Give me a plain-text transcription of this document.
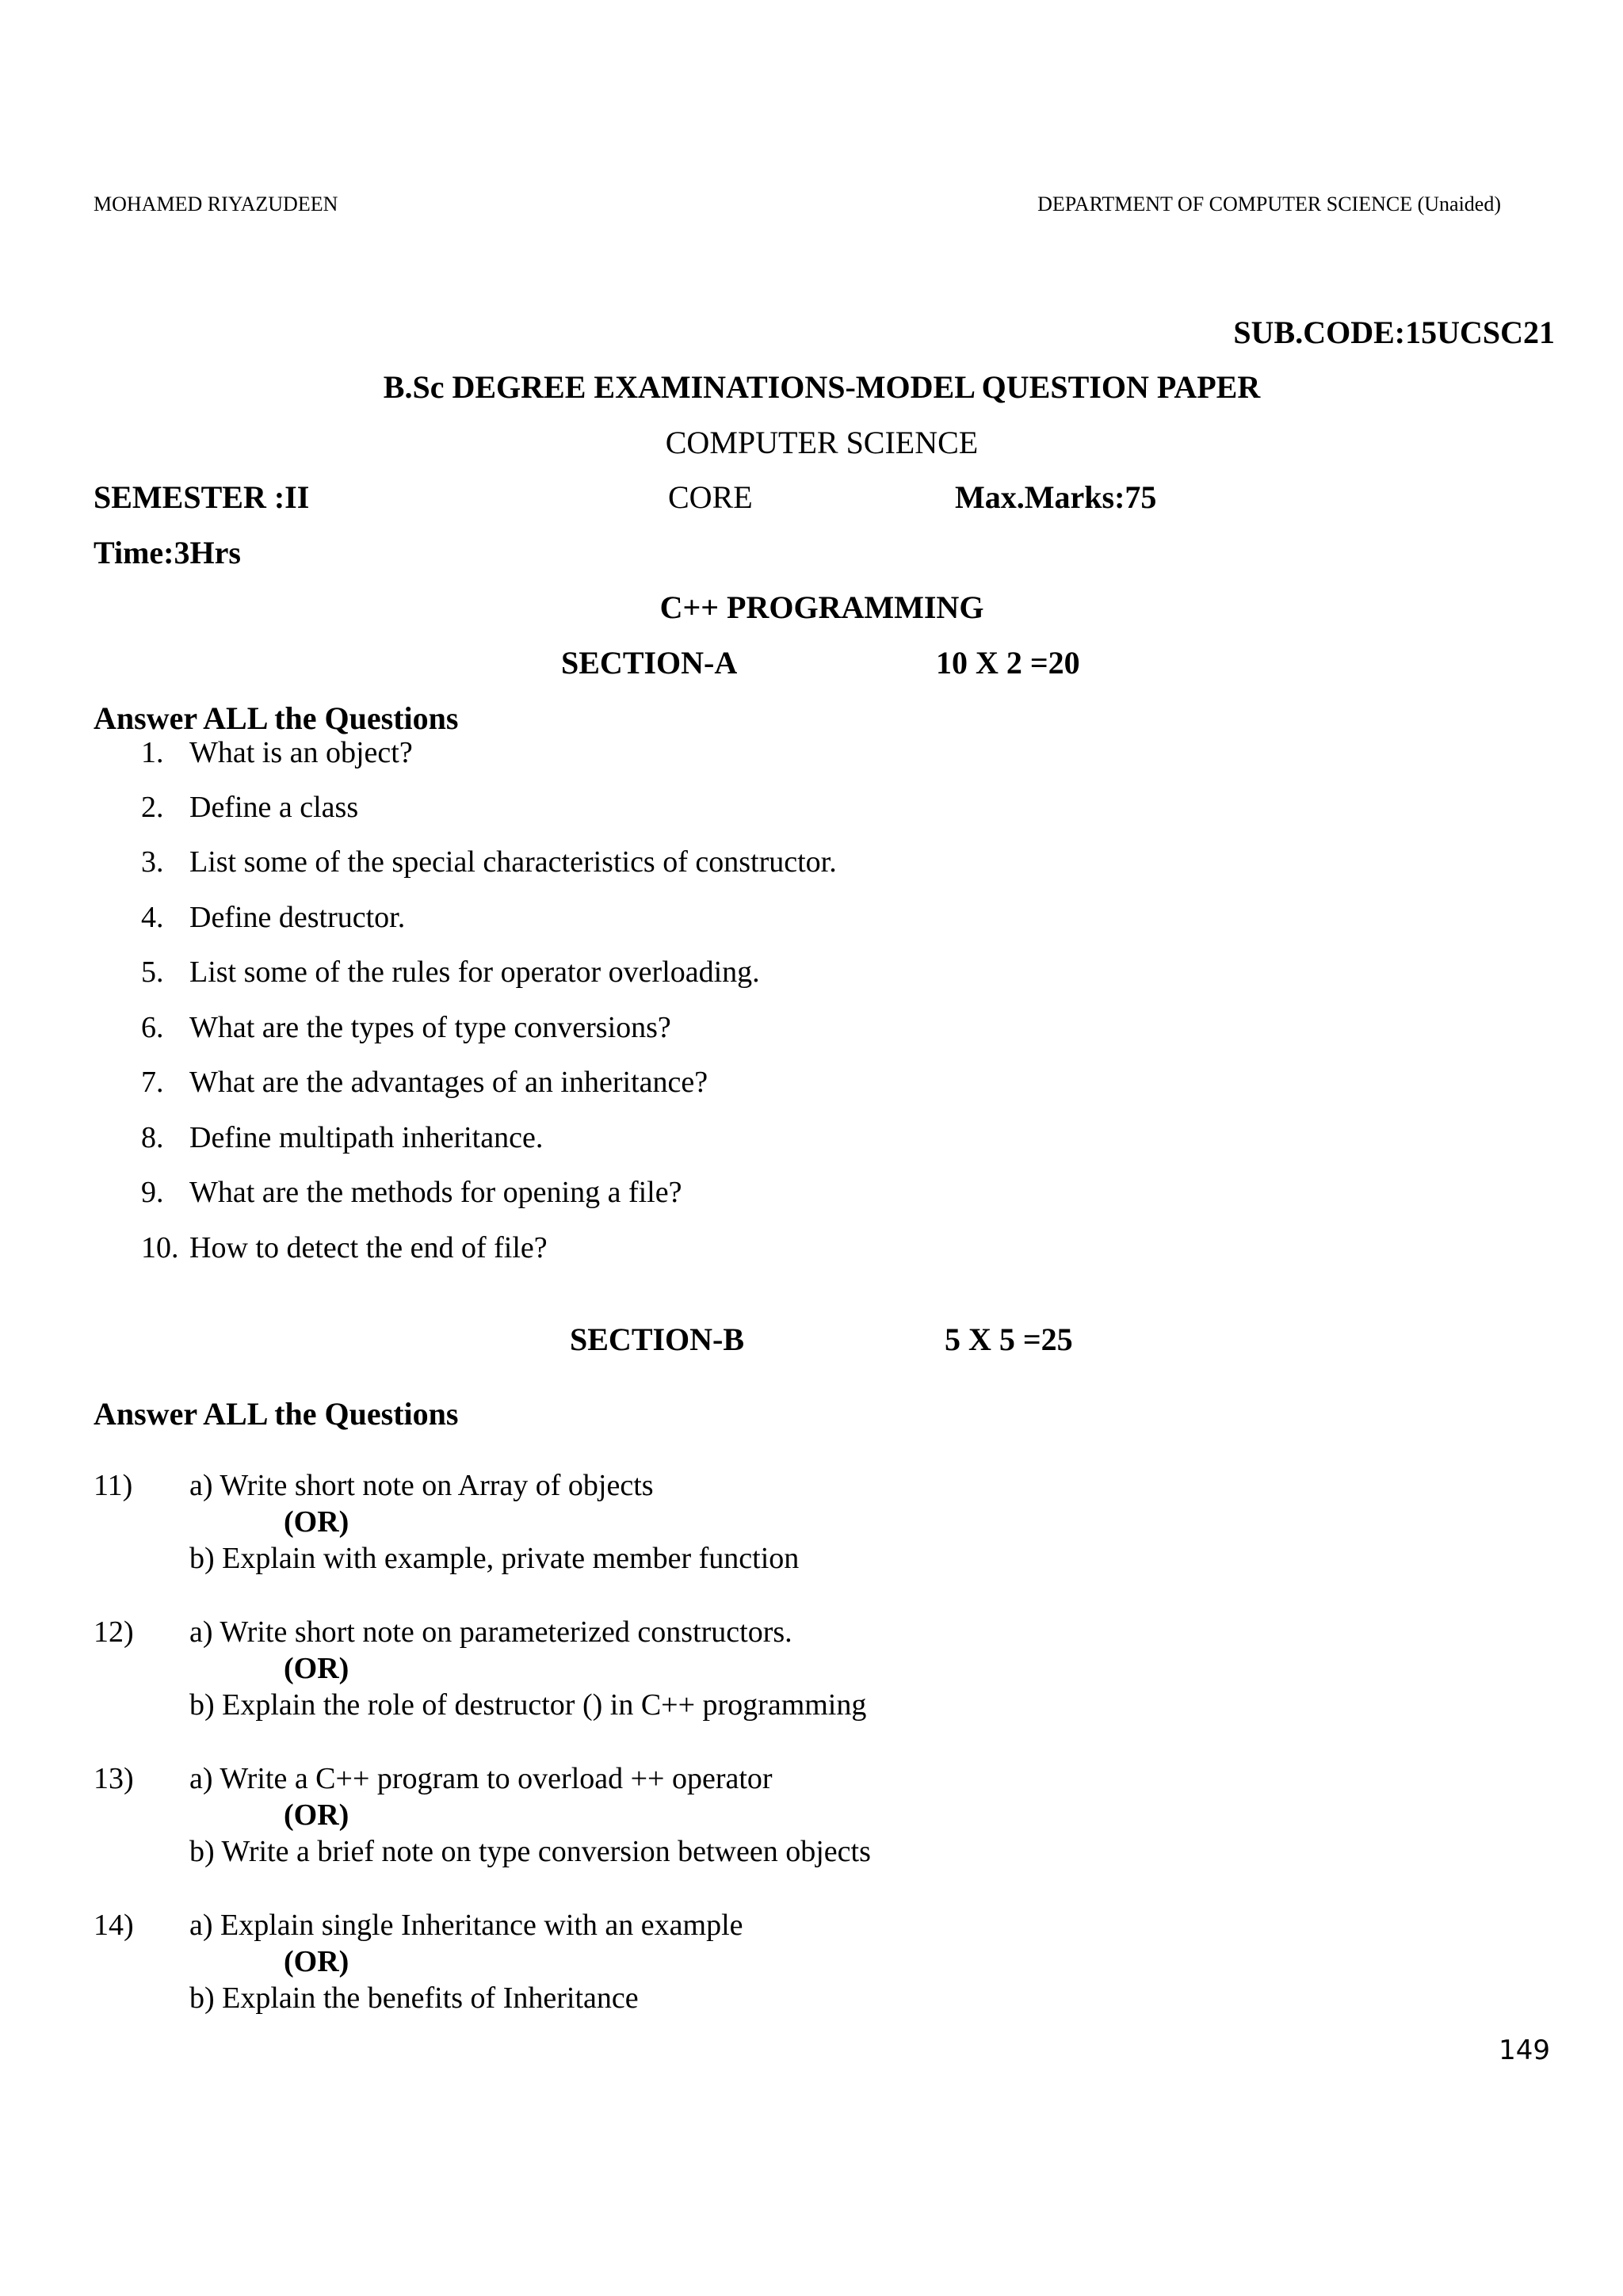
MOHAMED RIYAZUDEEN	DEPARTMENT OF COMPUTER SCIENCE (Unaided)
SUB.CODE:15UCSC21
B.Sc DEGREE EXAMINATIONS-MODEL QUESTION PAPER
COMPUTER SCIENCE
SEMESTER :II	CORE	Max.Marks:75
Time:3Hrs
C++ PROGRAMMING
SECTION-A	10 X 2 =20
Answer ALL the Questions
1. What is an object?
2. Define a class
3. List some of the special characteristics of constructor.
4. Define destructor.
5. List some of the rules for operator overloading.
6. What are the types of type conversions?
7. What are the advantages of an inheritance?
8. Define multipath inheritance.
9. What are the methods for opening a file?
10. How to detect the end of file?
SECTION-B	5 X 5 =25
Answer ALL the Questions
11) a) Write short note on Array of objects
(OR)
b) Explain with example, private member function
12) a) Write short note on parameterized constructors.
(OR)
b) Explain the role of destructor () in C++ programming
13) a) Write a C++ program to overload ++ operator
(OR)
b) Write a brief note on type conversion between objects
14) a) Explain single Inheritance with an example
(OR)
b) Explain the benefits of Inheritance
149
